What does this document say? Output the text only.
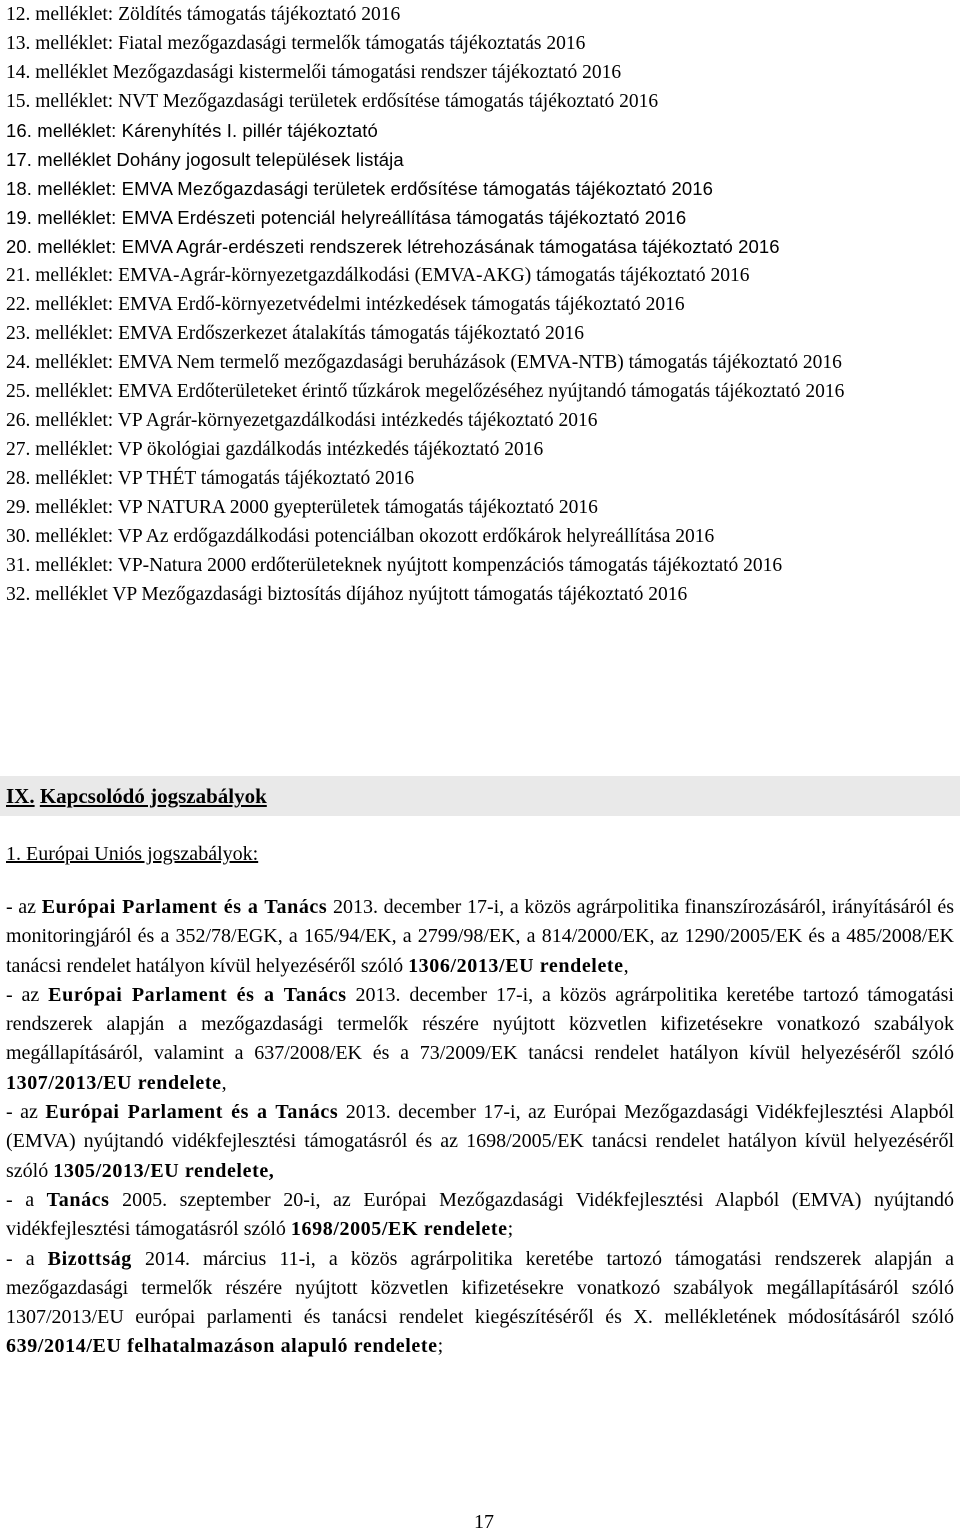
12. melléklet: Zöldítés támogatás tájékoztató 2016

13. melléklet: Fiatal mezőgazdasági termelők támogatás tájékoztatás 2016

14. melléklet Mezőgazdasági kistermelői támogatási rendszer tájékoztató 2016

15. melléklet: NVT Mezőgazdasági területek erdősítése támogatás tájékoztató 2016

16. melléklet: Kárenyhítés I. pillér tájékoztató

17. melléklet Dohány jogosult települések listája

18. melléklet: EMVA Mezőgazdasági területek erdősítése támogatás tájékoztató 2016

19. melléklet: EMVA Erdészeti potenciál helyreállítása támogatás tájékoztató 2016

20. melléklet: EMVA Agrár-erdészeti rendszerek létrehozásának támogatása tájékoztató 2016

21. melléklet: EMVA-Agrár-környezetgazdálkodási (EMVA-AKG) támogatás tájékoztató 2016

22. melléklet: EMVA Erdő-környezetvédelmi intézkedések támogatás tájékoztató 2016

23. melléklet: EMVA Erdőszerkezet átalakítás támogatás tájékoztató 2016

24. melléklet: EMVA Nem termelő mezőgazdasági beruházások (EMVA-NTB) támogatás tájékoztató 2016

25. melléklet: EMVA Erdőterületeket érintő tűzkárok megelőzéséhez nyújtandó támogatás tájékoztató 2016

26. melléklet: VP Agrár-környezetgazdálkodási intézkedés tájékoztató 2016

27. melléklet: VP ökológiai gazdálkodás intézkedés tájékoztató 2016

28. melléklet: VP THÉT támogatás tájékoztató 2016

29. melléklet: VP NATURA 2000 gyepterületek támogatás tájékoztató 2016

30. melléklet: VP Az erdőgazdálkodási potenciálban okozott erdőkárok helyreállítása 2016

31. melléklet: VP-Natura 2000 erdőterületeknek nyújtott kompenzációs támogatás tájékoztató 2016

32. melléklet VP Mezőgazdasági biztosítás díjához nyújtott támogatás tájékoztató 2016

IX. Kapcsolódó jogszabályok
1. Európai Uniós jogszabályok:

- az Európai Parlament és a Tanács 2013. december 17-i, a közös agrárpolitika finanszírozásáról, irányításáról és monitoringjáról és a 352/78/EGK, a 165/94/EK, a 2799/98/EK, a 814/2000/EK, az 1290/2005/EK és a 485/2008/EK tanácsi rendelet hatályon kívül helyezéséről szóló 1306/2013/EU rendelete,

- az Európai Parlament és a Tanács 2013. december 17-i, a közös agrárpolitika keretébe tartozó támogatási rendszerek alapján a mezőgazdasági termelők részére nyújtott közvetlen kifizetésekre vonatkozó szabályok megállapításáról, valamint a 637/2008/EK és a 73/2009/EK tanácsi rendelet hatályon kívül helyezéséről szóló 1307/2013/EU rendelete,

- az Európai Parlament és a Tanács 2013. december 17-i, az Európai Mezőgazdasági Vidékfejlesztési Alapból (EMVA) nyújtandó vidékfejlesztési támogatásról és az 1698/2005/EK tanácsi rendelet hatályon kívül helyezéséről szóló 1305/2013/EU rendelete,

- a Tanács 2005. szeptember 20-i, az Európai Mezőgazdasági Vidékfejlesztési Alapból (EMVA) nyújtandó vidékfejlesztési támogatásról szóló 1698/2005/EK rendelete;

- a Bizottság 2014. március 11-i, a közös agrárpolitika keretébe tartozó támogatási rendszerek alapján a mezőgazdasági termelők részére nyújtott közvetlen kifizetésekre vonatkozó szabályok megállapításáról szóló 1307/2013/EU európai parlamenti és tanácsi rendelet kiegészítéséről és X. mellékletének módosításáról szóló 639/2014/EU felhatalmazáson alapuló rendelete;

17
